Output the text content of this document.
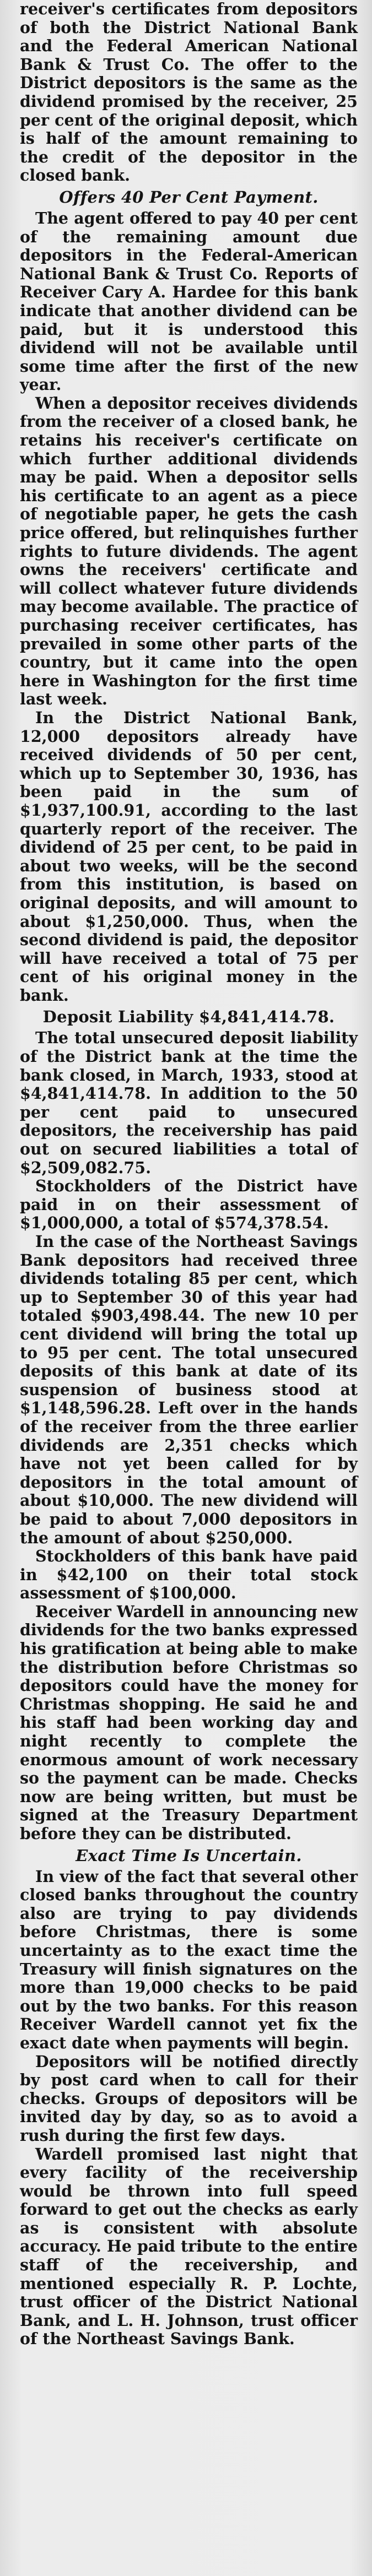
receiver's certificates from depositors of both the District National Bank and the Federal American National Bank & Trust Co. The offer to the District depositors is the same as the dividend promised by the receiver, 25 per cent of the original deposit, which is half of the amount remaining to the credit of the depositor in the closed bank.

Offers 40 Per Cent Payment.

The agent offered to pay 40 per cent of the remaining amount due depositors in the Federal-American National Bank & Trust Co. Reports of Receiver Cary A. Hardee for this bank indicate that another dividend can be paid, but it is understood this dividend will not be available until some time after the first of the new year.

When a depositor receives dividends from the receiver of a closed bank, he retains his receiver's certificate on which further additional dividends may be paid. When a depositor sells his certificate to an agent as a piece of negotiable paper, he gets the cash price offered, but relinquishes further rights to future dividends. The agent owns the receivers' certificate and will collect whatever future dividends may become available. The practice of purchasing receiver certificates, has prevailed in some other parts of the country, but it came into the open here in Washington for the first time last week.

In the District National Bank, 12,000 depositors already have received dividends of 50 per cent, which up to September 30, 1936, has been paid in the sum of $1,937,100.91, according to the last quarterly report of the receiver. The dividend of 25 per cent, to be paid in about two weeks, will be the second from this institution, is based on original deposits, and will amount to about $1,250,000. Thus, when the second dividend is paid, the depositor will have received a total of 75 per cent of his original money in the bank.

Deposit Liability $4,841,414.78.

The total unsecured deposit liability of the District bank at the time the bank closed, in March, 1933, stood at $4,841,414.78. In addition to the 50 per cent paid to unsecured depositors, the receivership has paid out on secured liabilities a total of $2,509,082.75.

Stockholders of the District have paid in on their assessment of $1,000,000, a total of $574,378.54.

In the case of the Northeast Savings Bank depositors had received three dividends totaling 85 per cent, which up to September 30 of this year had totaled $903,498.44. The new 10 per cent dividend will bring the total up to 95 per cent. The total unsecured deposits of this bank at date of its suspension of business stood at $1,148,596.28. Left over in the hands of the receiver from the three earlier dividends are 2,351 checks which have not yet been called for by depositors in the total amount of about $10,000. The new dividend will be paid to about 7,000 depositors in the amount of about $250,000.

Stockholders of this bank have paid in $42,100 on their total stock assessment of $100,000.

Receiver Wardell in announcing new dividends for the two banks expressed his gratification at being able to make the distribution before Christmas so depositors could have the money for Christmas shopping. He said he and his staff had been working day and night recently to complete the enormous amount of work necessary so the payment can be made. Checks now are being written, but must be signed at the Treasury Department before they can be distributed.

Exact Time Is Uncertain.

In view of the fact that several other closed banks throughout the country also are trying to pay dividends before Christmas, there is some uncertainty as to the exact time the Treasury will finish signatures on the more than 19,000 checks to be paid out by the two banks. For this reason Receiver Wardell cannot yet fix the exact date when payments will begin.

Depositors will be notified directly by post card when to call for their checks. Groups of depositors will be invited day by day, so as to avoid a rush during the first few days.

Wardell promised last night that every facility of the receivership would be thrown into full speed forward to get out the checks as early as is consistent with absolute accuracy. He paid tribute to the entire staff of the receivership, and mentioned especially R. P. Lochte, trust officer of the District National Bank, and L. H. Johnson, trust officer of the Northeast Savings Bank.
